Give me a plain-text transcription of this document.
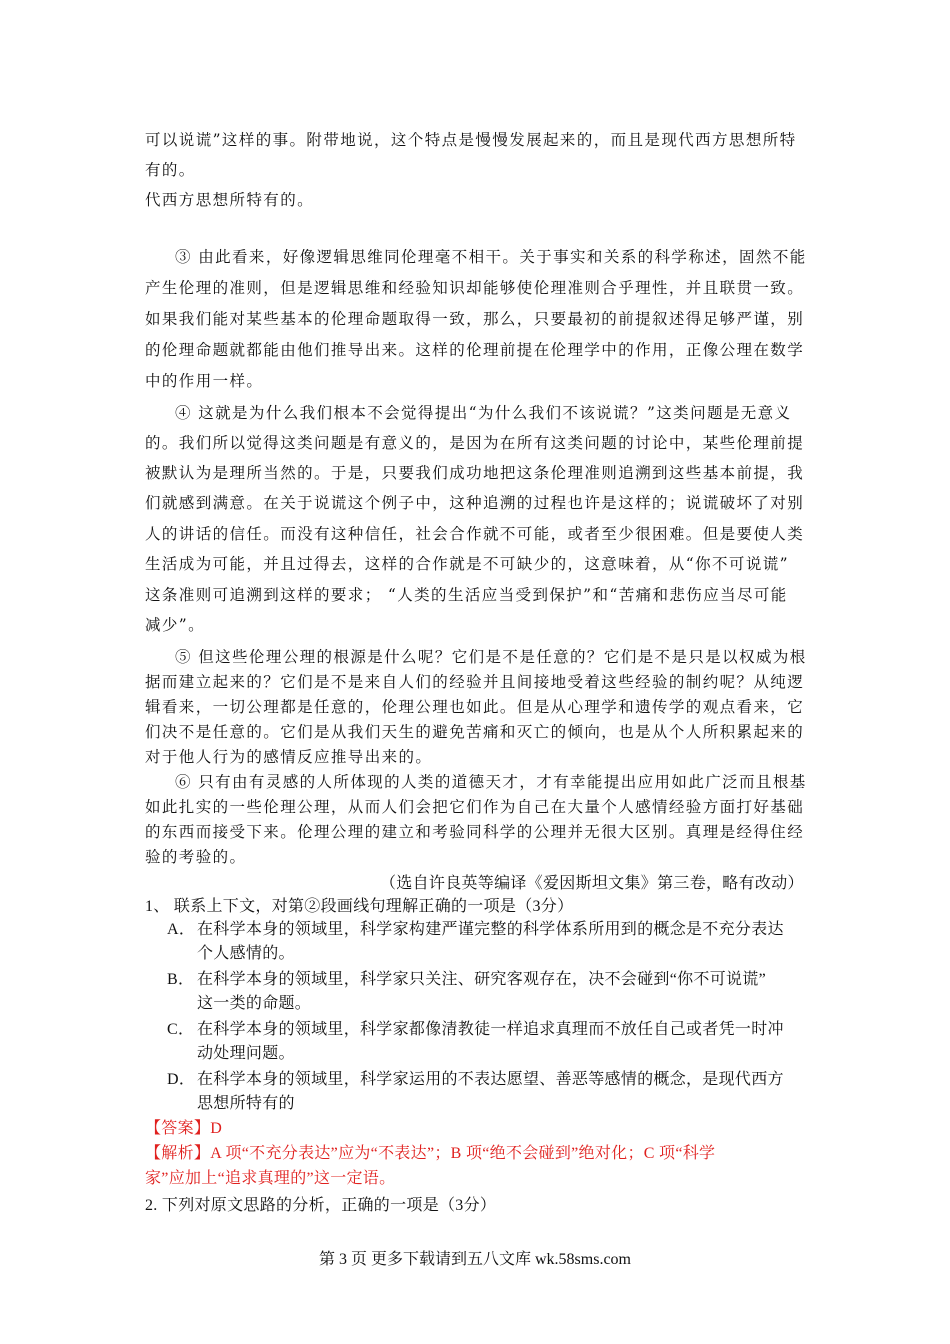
可以说谎”这样的事。附带地说，这个特点是慢慢发展起来的，而且是现代西方思想所特
有的。
代西方思想所特有的。
③ 由此看来，好像逻辑思维同伦理毫不相干。关于事实和关系的科学称述，固然不能
产生伦理的准则，但是逻辑思维和经验知识却能够使伦理准则合乎理性，并且联贯一致。
如果我们能对某些基本的伦理命题取得一致，那么，只要最初的前提叙述得足够严谨，别
的伦理命题就都能由他们推导出来。这样的伦理前提在伦理学中的作用，正像公理在数学
中的作用一样。
④ 这就是为什么我们根本不会觉得提出“为什么我们不该说谎？”这类问题是无意义
的。我们所以觉得这类问题是有意义的，是因为在所有这类问题的讨论中，某些伦理前提
被默认为是理所当然的。于是，只要我们成功地把这条伦理准则追溯到这些基本前提，我
们就感到满意。在关于说谎这个例子中，这种追溯的过程也许是这样的；说谎破坏了对别
人的讲话的信任。而没有这种信任，社会合作就不可能，或者至少很困难。但是要使人类
生活成为可能，并且过得去，这样的合作就是不可缺少的，这意味着，从“你不可说谎”
这条准则可追溯到这样的要求； “人类的生活应当受到保护”和“苦痛和悲伤应当尽可能
减少”。
⑤ 但这些伦理公理的根源是什么呢？它们是不是任意的？它们是不是只是以权威为根
据而建立起来的？它们是不是来自人们的经验并且间接地受着这些经验的制约呢？从纯逻
辑看来，一切公理都是任意的，伦理公理也如此。但是从心理学和遗传学的观点看来，它
们决不是任意的。它们是从我们天生的避免苦痛和灭亡的倾向，也是从个人所积累起来的
对于他人行为的感情反应推导出来的。
⑥ 只有由有灵感的人所体现的人类的道德天才，才有幸能提出应用如此广泛而且根基
如此扎实的一些伦理公理，从而人们会把它们作为自己在大量个人感情经验方面打好基础
的东西而接受下来。伦理公理的建立和考验同科学的公理并无很大区别。真理是经得住经
验的考验的。
（选自许良英等编译《爱因斯坦文集》第三卷，略有改动）
1、 联系上下文，对第②段画线句理解正确的一项是（3分）
A． 在科学本身的领域里，科学家构建严谨完整的科学体系所用到的概念是不充分表达
个人感情的。
B． 在科学本身的领域里，科学家只关注、研究客观存在，决不会碰到“你不可说谎”
这一类的命题。
C． 在科学本身的领域里，科学家都像清教徒一样追求真理而不放任自己或者凭一时冲
动处理问题。
D． 在科学本身的领域里，科学家运用的不表达愿望、善恶等感情的概念，是现代西方
思想所特有的
【答案】D
【解析】A 项“不充分表达”应为“不表达”；B 项“绝不会碰到”绝对化；C 项“科学
家”应加上“追求真理的”这一定语。
2. 下列对原文思路的分析，正确的一项是（3分）
第 3 页 更多下载请到五八文库 wk.58sms.com
